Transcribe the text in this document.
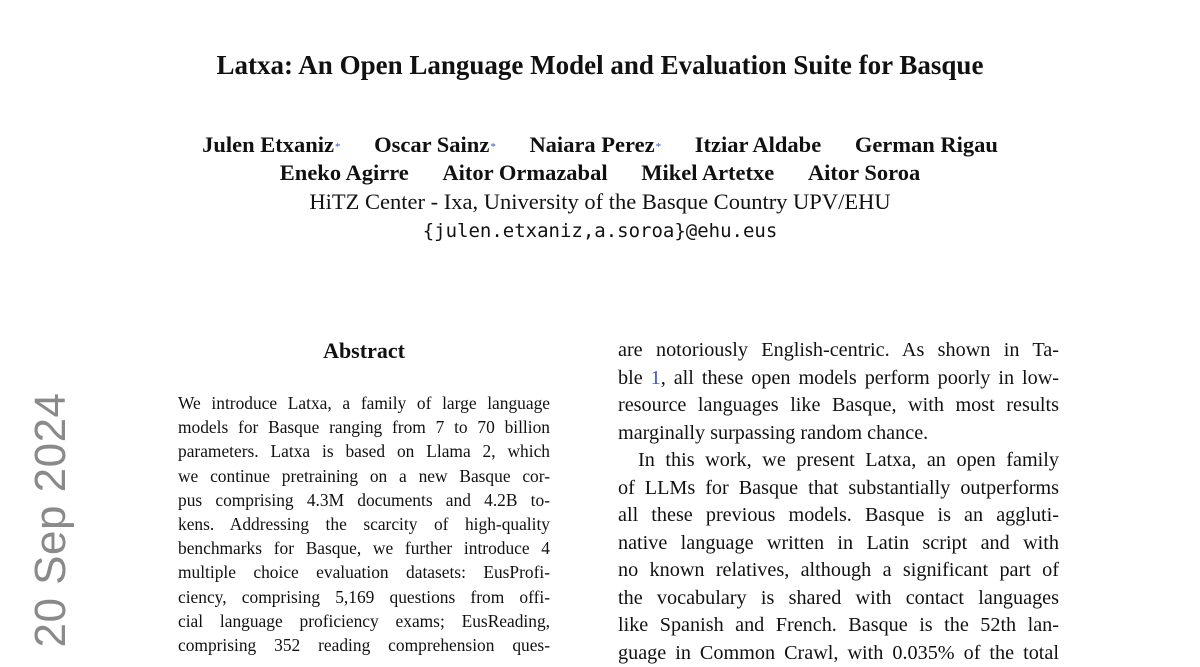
Latxa: An Open Language Model and Evaluation Suite for Basque
Julen Etxaniz* Oscar Sainz* Naiara Perez* Itziar Aldabe German Rigau
Eneko Agirre Aitor Ormazabal Mikel Artetxe Aitor Soroa
HiTZ Center - Ixa, University of the Basque Country UPV/EHU
{julen.etxaniz,a.soroa}@ehu.eus
20 Sep 2024
Abstract
We introduce Latxa, a family of large language
models for Basque ranging from 7 to 70 billion
parameters. Latxa is based on Llama 2, which
we continue pretraining on a new Basque cor-
pus comprising 4.3M documents and 4.2B to-
kens. Addressing the scarcity of high-quality
benchmarks for Basque, we further introduce 4
multiple choice evaluation datasets: EusProfi-
ciency, comprising 5,169 questions from offi-
cial language proficiency exams; EusReading,
comprising 352 reading comprehension ques-
are notoriously English-centric. As shown in Ta-
ble 1, all these open models perform poorly in low-
resource languages like Basque, with most results
marginally surpassing random chance.
In this work, we present Latxa, an open family
of LLMs for Basque that substantially outperforms
all these previous models. Basque is an aggluti-
native language written in Latin script and with
no known relatives, although a significant part of
the vocabulary is shared with contact languages
like Spanish and French. Basque is the 52th lan-
guage in Common Crawl, with 0.035% of the total
